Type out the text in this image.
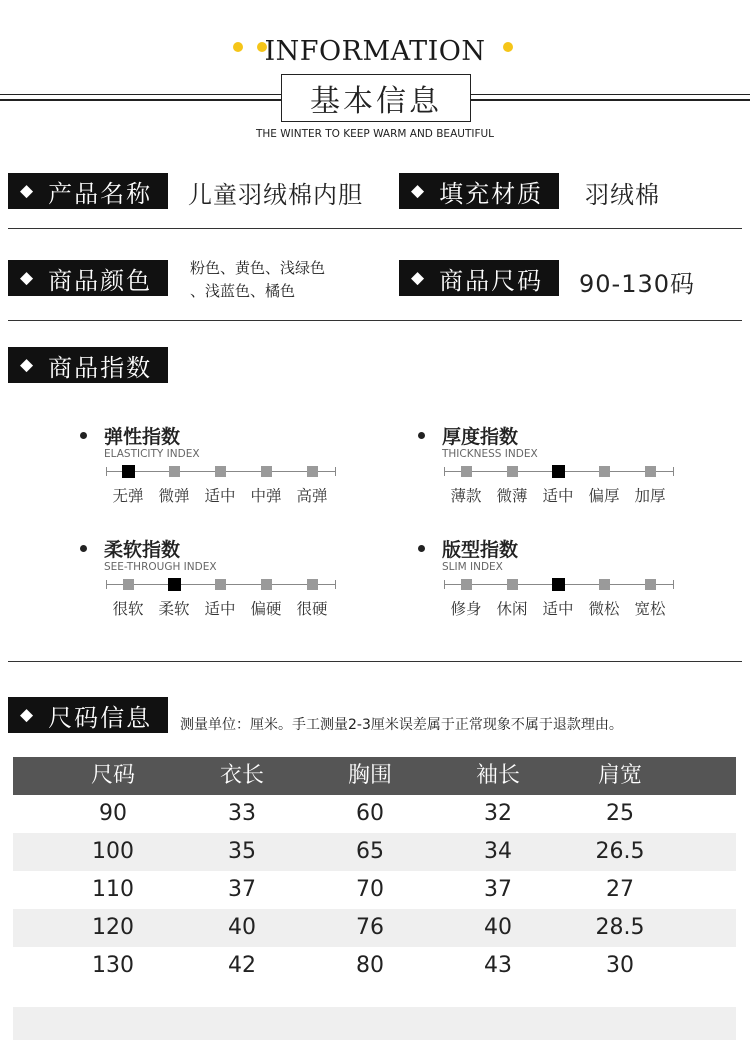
INFORMATION
基本信息
THE WINTER TO KEEP WARM AND BEAUTIFUL
◆ 产品名称 儿童羽绒棉内胆	◆ 填充材质 羽绒棉
◆ 商品颜色	粉色、黄色、浅绿色
、浅蓝色、橘色
◆ 商品尺码 90-130码
◆ 商品指数
弹性指数
ELASTICITY INDEX
无弹 微弹 适中 中弹 高弹
厚度指数
THICKNESS INDEX
薄款 微薄 适中 偏厚 加厚
柔软指数
SEE-THROUGH INDEX
很软 柔软 适中 偏硬 很硬
版型指数
SLIM INDEX
修身 休闲 适中 微松 宽松
◆ 尺码信息 测量单位：厘米。手工测量2-3厘米误差属于正常现象不属于退款理由。
尺码	衣长	胸围	袖长	肩宽
90	33	60	32	25
100	35	65	34	26.5
110	37	70	37	27
120	40	76	40	28.5
130	42	80	43	30
